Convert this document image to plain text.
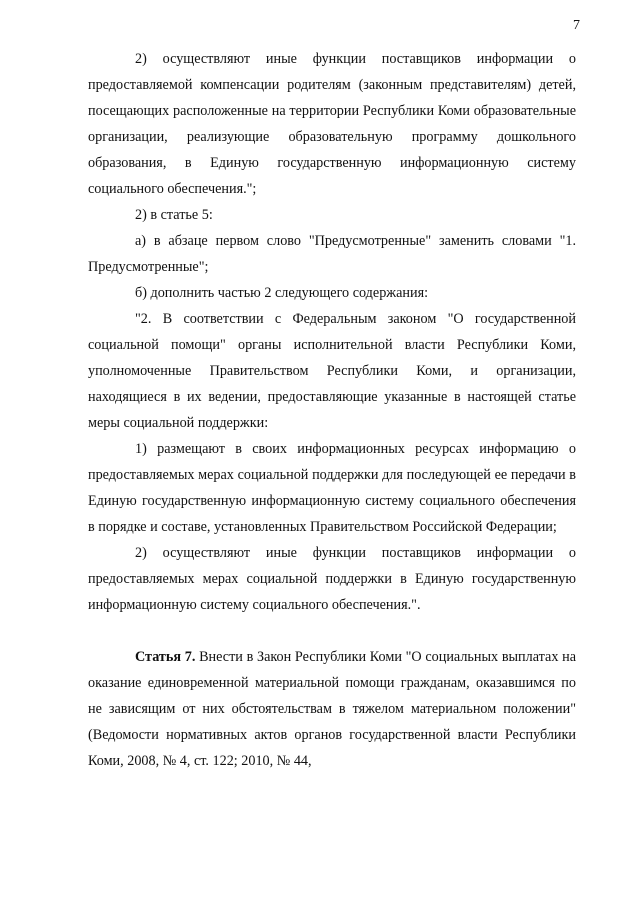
7

2) осуществляют иные функции поставщиков информации о предоставляемой компенсации родителям (законным представителям) детей, посещающих расположенные на территории Республики Коми образовательные организации, реализующие образовательную программу дошкольного образования, в Единую государственную информационную систему социального обеспечения.";

2) в статье 5:

а) в абзаце первом слово "Предусмотренные" заменить словами "1. Предусмотренные";

б) дополнить частью 2 следующего содержания:

"2. В соответствии с Федеральным законом "О государственной социальной помощи" органы исполнительной власти Республики Коми, уполномоченные Правительством Республики Коми, и организации, находящиеся в их ведении, предоставляющие указанные в настоящей статье меры социальной поддержки:

1) размещают в своих информационных ресурсах информацию о предоставляемых мерах социальной поддержки для последующей ее передачи в Единую государственную информационную систему социального обеспечения в порядке и составе, установленных Правительством Российской Федерации;

2) осуществляют иные функции поставщиков информации о предоставляемых мерах социальной поддержки в Единую государственную информационную систему социального обеспечения.".

Статья 7. Внести в Закон Республики Коми "О социальных выплатах на оказание единовременной материальной помощи гражданам, оказавшимся по не зависящим от них обстоятельствам в тяжелом материальном положении" (Ведомости нормативных актов органов государственной власти Республики Коми, 2008, № 4, ст. 122; 2010, № 44,
